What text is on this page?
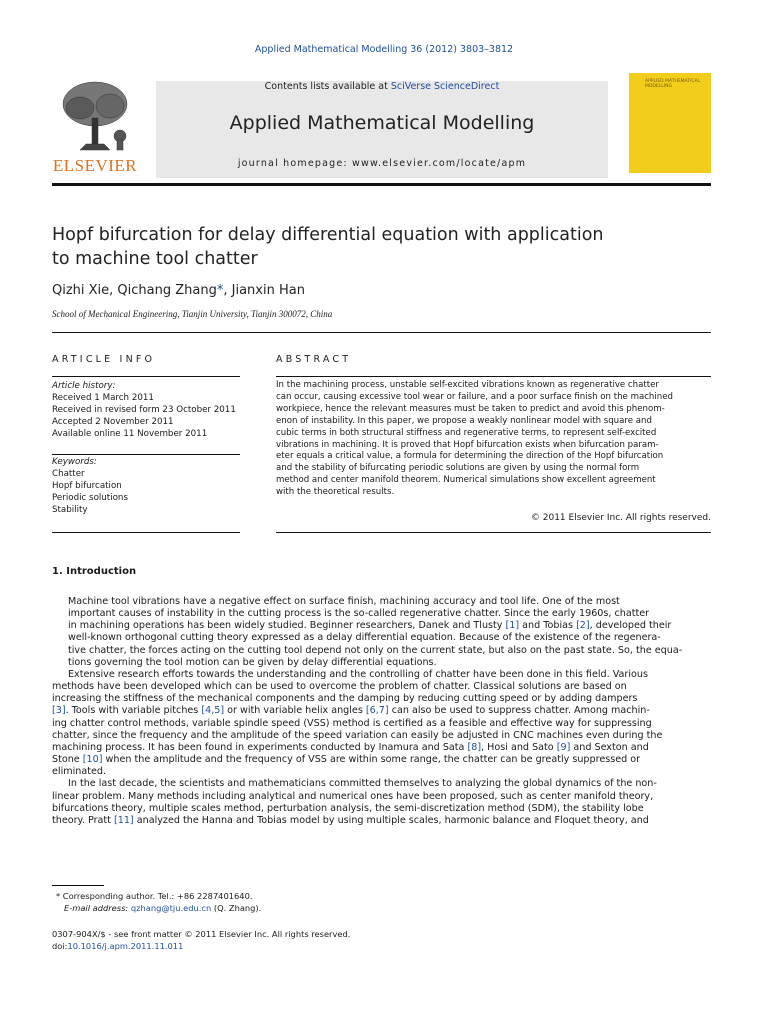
Applied Mathematical Modelling 36 (2012) 3803–3812
ELSEVIER
Contents lists available at SciVerse ScienceDirect
Applied Mathematical Modelling
journal homepage: www.elsevier.com/locate/apm
APPLIED MATHEMATICAL MODELLING
Hopf bifurcation for delay differential equation with application
to machine tool chatter
Qizhi Xie, Qichang Zhang*, Jianxin Han
School of Mechanical Engineering, Tianjin University, Tianjin 300072, China
ARTICLE INFO	ABSTRACT
Article history:
Received 1 March 2011
Received in revised form 23 October 2011
Accepted 2 November 2011
Available online 11 November 2011
Keywords:
Chatter
Hopf bifurcation
Periodic solutions
Stability
In the machining process, unstable self-excited vibrations known as regenerative chatter
can occur, causing excessive tool wear or failure, and a poor surface finish on the machined
workpiece, hence the relevant measures must be taken to predict and avoid this phenom-
enon of instability. In this paper, we propose a weakly nonlinear model with square and
cubic terms in both structural stiffness and regenerative terms, to represent self-excited
vibrations in machining. It is proved that Hopf bifurcation exists when bifurcation param-
eter equals a critical value, a formula for determining the direction of the Hopf bifurcation
and the stability of bifurcating periodic solutions are given by using the normal form
method and center manifold theorem. Numerical simulations show excellent agreement
with the theoretical results.
© 2011 Elsevier Inc. All rights reserved.
1. Introduction
Machine tool vibrations have a negative effect on surface finish, machining accuracy and tool life. One of the most
important causes of instability in the cutting process is the so-called regenerative chatter. Since the early 1960s, chatter
in machining operations has been widely studied. Beginner researchers, Danek and Tlusty [1] and Tobias [2], developed their
well-known orthogonal cutting theory expressed as a delay differential equation. Because of the existence of the regenera-
tive chatter, the forces acting on the cutting tool depend not only on the current state, but also on the past state. So, the equa-
tions governing the tool motion can be given by delay differential equations.
Extensive research efforts towards the understanding and the controlling of chatter have been done in this field. Various
methods have been developed which can be used to overcome the problem of chatter. Classical solutions are based on
increasing the stiffness of the mechanical components and the damping by reducing cutting speed or by adding dampers
[3]. Tools with variable pitches [4,5] or with variable helix angles [6,7] can also be used to suppress chatter. Among machin-
ing chatter control methods, variable spindle speed (VSS) method is certified as a feasible and effective way for suppressing
chatter, since the frequency and the amplitude of the speed variation can easily be adjusted in CNC machines even during the
machining process. It has been found in experiments conducted by Inamura and Sata [8], Hosi and Sato [9] and Sexton and
Stone [10] when the amplitude and the frequency of VSS are within some range, the chatter can be greatly suppressed or
eliminated.
In the last decade, the scientists and mathematicians committed themselves to analyzing the global dynamics of the non-
linear problem. Many methods including analytical and numerical ones have been proposed, such as center manifold theory,
bifurcations theory, multiple scales method, perturbation analysis, the semi-discretization method (SDM), the stability lobe
theory. Pratt [11] analyzed the Hanna and Tobias model by using multiple scales, harmonic balance and Floquet theory, and
* Corresponding author. Tel.: +86 2287401640.
E-mail address: qzhang@tju.edu.cn (Q. Zhang).
0307-904X/$ - see front matter © 2011 Elsevier Inc. All rights reserved.
doi:10.1016/j.apm.2011.11.011
